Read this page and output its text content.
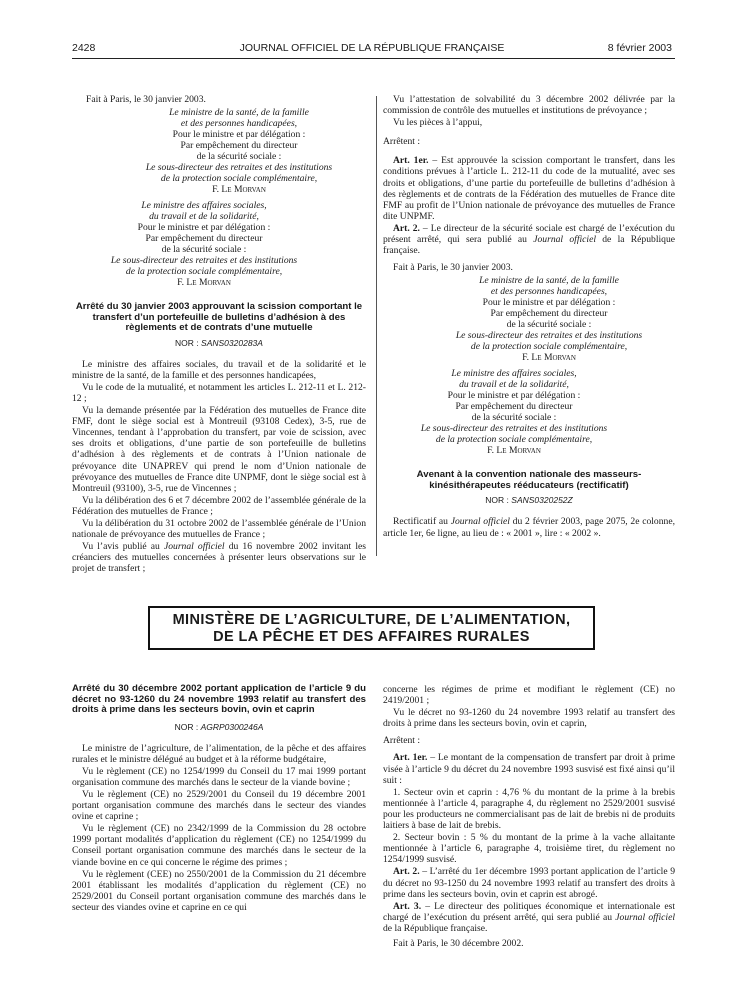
2428	JOURNAL OFFICIEL DE LA RÉPUBLIQUE FRANÇAISE	8 février 2003

Fait à Paris, le 30 janvier 2003.

Le ministre de la santé, de la famille
et des personnes handicapées,
Pour le ministre et par délégation :
Par empêchement du directeur
de la sécurité sociale :
Le sous-directeur des retraites et des institutions
de la protection sociale complémentaire,
F. Le Morvan
Le ministre des affaires sociales,
du travail et de la solidarité,
Pour le ministre et par délégation :
Par empêchement du directeur
de la sécurité sociale :
Le sous-directeur des retraites et des institutions
de la protection sociale complémentaire,
F. Le Morvan
Arrêté du 30 janvier 2003 approuvant la scission comportant le transfert d’un portefeuille de bulletins d’adhésion à des règlements et de contrats d’une mutuelle
NOR : SANS0320283A

Le ministre des affaires sociales, du travail et de la solidarité et le ministre de la santé, de la famille et des personnes handicapées,

Vu le code de la mutualité, et notamment les articles L. 212-11 et L. 212-12 ;

Vu la demande présentée par la Fédération des mutuelles de France dite FMF, dont le siège social est à Montreuil (93108 Cedex), 3-5, rue de Vincennes, tendant à l’approbation du transfert, par voie de scission, avec ses droits et obligations, d’une partie de son portefeuille de bulletins d’adhésion à des règlements et de contrats à l’Union nationale de prévoyance dite UNAPREV qui prend le nom d’Union nationale de prévoyance des mutuelles de France dite UNPMF, dont le siège social est à Montreuil (93100), 3-5, rue de Vincennes ;

Vu la délibération des 6 et 7 décembre 2002 de l’assemblée générale de la Fédération des mutuelles de France ;

Vu la délibération du 31 octobre 2002 de l’assemblée générale de l’Union nationale de prévoyance des mutuelles de France ;

Vu l’avis publié au Journal officiel du 16 novembre 2002 invitant les créanciers des mutuelles concernées à présenter leurs observations sur le projet de transfert ;

Vu l’attestation de solvabilité du 3 décembre 2002 délivrée par la commission de contrôle des mutuelles et institutions de prévoyance ;

Vu les pièces à l’appui,

Arrêtent :

Art. 1er. – Est approuvée la scission comportant le transfert, dans les conditions prévues à l’article L. 212-11 du code de la mutualité, avec ses droits et obligations, d’une partie du portefeuille de bulletins d’adhésion à des règlements et de contrats de la Fédération des mutuelles de France dite FMF au profit de l’Union nationale de prévoyance des mutuelles de France dite UNPMF.

Art. 2. – Le directeur de la sécurité sociale est chargé de l’exécution du présent arrêté, qui sera publié au Journal officiel de la République française.

Fait à Paris, le 30 janvier 2003.

Le ministre de la santé, de la famille
et des personnes handicapées,
Pour le ministre et par délégation :
Par empêchement du directeur
de la sécurité sociale :
Le sous-directeur des retraites et des institutions
de la protection sociale complémentaire,
F. Le Morvan
Le ministre des affaires sociales,
du travail et de la solidarité,
Pour le ministre et par délégation :
Par empêchement du directeur
de la sécurité sociale :
Le sous-directeur des retraites et des institutions
de la protection sociale complémentaire,
F. Le Morvan
Avenant à la convention nationale des masseurs-kinésithérapeutes rééducateurs (rectificatif)
NOR : SANS0320252Z

Rectificatif au Journal officiel du 2 février 2003, page 2075, 2e colonne, article 1er, 6e ligne, au lieu de : « 2001 », lire : « 2002 ».

MINISTÈRE DE L’AGRICULTURE, DE L’ALIMENTATION,
DE LA PÊCHE ET DES AFFAIRES RURALES
Arrêté du 30 décembre 2002 portant application de l’article 9 du décret no 93-1260 du 24 novembre 1993 relatif au transfert des droits à prime dans les secteurs bovin, ovin et caprin
NOR : AGRP0300246A

Le ministre de l’agriculture, de l’alimentation, de la pêche et des affaires rurales et le ministre délégué au budget et à la réforme budgétaire,

Vu le règlement (CE) no 1254/1999 du Conseil du 17 mai 1999 portant organisation commune des marchés dans le secteur de la viande bovine ;

Vu le règlement (CE) no 2529/2001 du Conseil du 19 décembre 2001 portant organisation commune des marchés dans le secteur des viandes ovine et caprine ;

Vu le règlement (CE) no 2342/1999 de la Commission du 28 octobre 1999 portant modalités d’application du règlement (CE) no 1254/1999 du Conseil portant organisation commune des marchés dans le secteur de la viande bovine en ce qui concerne le régime des primes ;

Vu le règlement (CEE) no 2550/2001 de la Commission du 21 décembre 2001 établissant les modalités d’application du règlement (CE) no 2529/2001 du Conseil portant organisation commune des marchés dans le secteur des viandes ovine et caprine en ce qui

concerne les régimes de prime et modifiant le règlement (CE) no 2419/2001 ;

Vu le décret no 93-1260 du 24 novembre 1993 relatif au transfert des droits à prime dans les secteurs bovin, ovin et caprin,

Arrêtent :

Art. 1er. – Le montant de la compensation de transfert par droit à prime visée à l’article 9 du décret du 24 novembre 1993 susvisé est fixé ainsi qu’il suit :

1. Secteur ovin et caprin : 4,76 % du montant de la prime à la brebis mentionnée à l’article 4, paragraphe 4, du règlement no 2529/2001 susvisé pour les producteurs ne commercialisant pas de lait de brebis ni de produits laitiers à base de lait de brebis.

2. Secteur bovin : 5 % du montant de la prime à la vache allaitante mentionnée à l’article 6, paragraphe 4, troisième tiret, du règlement no 1254/1999 susvisé.

Art. 2. – L’arrêté du 1er décembre 1993 portant application de l’article 9 du décret no 93-1250 du 24 novembre 1993 relatif au transfert des droits à prime dans les secteurs bovin, ovin et caprin est abrogé.

Art. 3. – Le directeur des politiques économique et internationale est chargé de l’exécution du présent arrêté, qui sera publié au Journal officiel de la République française.

Fait à Paris, le 30 décembre 2002.
